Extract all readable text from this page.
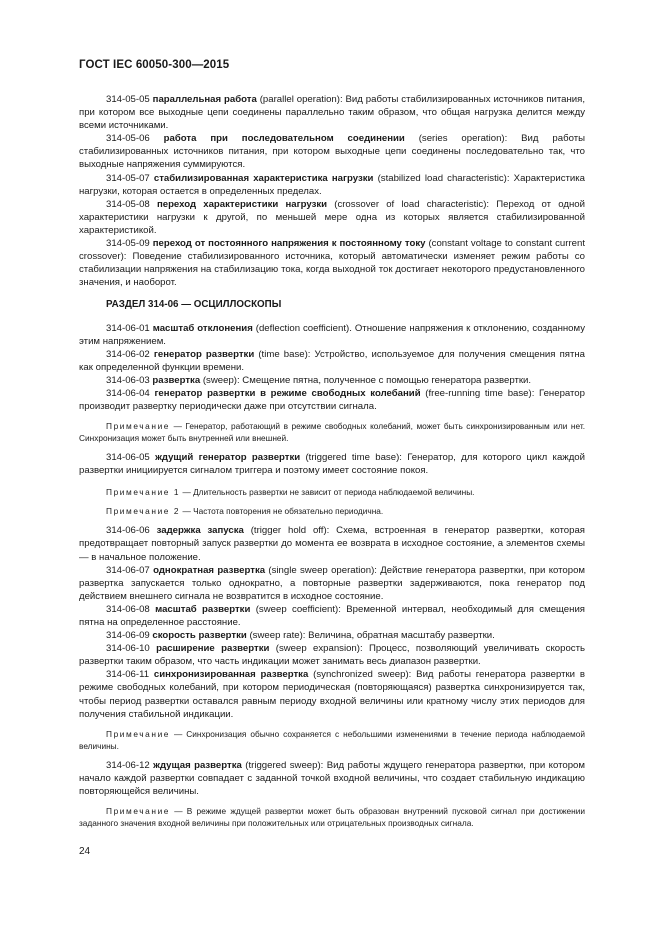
ГОСТ IEC 60050-300—2015

314-05-05 параллельная работа (parallel operation): Вид работы стабилизированных источников питания, при котором все выходные цепи соединены параллельно таким образом, что общая нагрузка делится между всеми источниками.

314-05-06 работа при последовательном соединении (series operation): Вид работы стабилизированных источников питания, при котором выходные цепи соединены последовательно так, что выходные напряжения суммируются.

314-05-07 стабилизированная характеристика нагрузки (stabilized load characteristic): Характеристика нагрузки, которая остается в определенных пределах.

314-05-08 переход характеристики нагрузки (crossover of load characteristic): Переход от одной характеристики нагрузки к другой, по меньшей мере одна из которых является стабилизированной характеристикой.

314-05-09 переход от постоянного напряжения к постоянному току (constant voltage to constant current crossover): Поведение стабилизированного источника, который автоматически изменяет режим работы со стабилизации напряжения на стабилизацию тока, когда выходной ток достигает некоторого предустановленного значения, и наоборот.

РАЗДЕЛ 314-06 — ОСЦИЛЛОСКОПЫ

314-06-01 масштаб отклонения (deflection coefficient). Отношение напряжения к отклонению, созданному этим напряжением.

314-06-02 генератор развертки (time base): Устройство, используемое для получения смещения пятна как определенной функции времени.

314-06-03 развертка (sweep): Смещение пятна, полученное с помощью генератора развертки.

314-06-04 генератор развертки в режиме свободных колебаний (free-running time base): Генератор производит развертку периодически даже при отсутствии сигнала.

Примечание — Генератор, работающий в режиме свободных колебаний, может быть синхронизированным или нет. Синхронизация может быть внутренней или внешней.

314-06-05 ждущий генератор развертки (triggered time base): Генератор, для которого цикл каждой развертки инициируется сигналом триггера и поэтому имеет состояние покоя.

Примечание 1 — Длительность развертки не зависит от периода наблюдаемой величины.

Примечание 2 — Частота повторения не обязательно периодична.

314-06-06 задержка запуска (trigger hold off): Схема, встроенная в генератор развертки, которая предотвращает повторный запуск развертки до момента ее возврата в исходное состояние, а элементов схемы — в начальное положение.

314-06-07 однократная развертка (single sweep operation): Действие генератора развертки, при котором развертка запускается только однократно, а повторные развертки задерживаются, пока генератор под действием внешнего сигнала не возвратится в исходное состояние.

314-06-08 масштаб развертки (sweep coefficient): Временной интервал, необходимый для смещения пятна на определенное расстояние.

314-06-09 скорость развертки (sweep rate): Величина, обратная масштабу развертки.

314-06-10 расширение развертки (sweep expansion): Процесс, позволяющий увеличивать скорость развертки таким образом, что часть индикации может занимать весь диапазон развертки.

314-06-11 синхронизированная развертка (synchronized sweep): Вид работы генератора развертки в режиме свободных колебаний, при котором периодическая (повторяющаяся) развертка синхронизируется так, чтобы период развертки оставался равным периоду входной величины или кратному числу этих периодов для получения стабильной индикации.

Примечание — Синхронизация обычно сохраняется с небольшими изменениями в течение периода наблюдаемой величины.

314-06-12 ждущая развертка (triggered sweep): Вид работы ждущего генератора развертки, при котором начало каждой развертки совпадает с заданной точкой входной величины, что создает стабильную индикацию повторяющейся величины.

Примечание — В режиме ждущей развертки может быть образован внутренний пусковой сигнал при достижении заданного значения входной величины при положительных или отрицательных производных сигнала.

24
